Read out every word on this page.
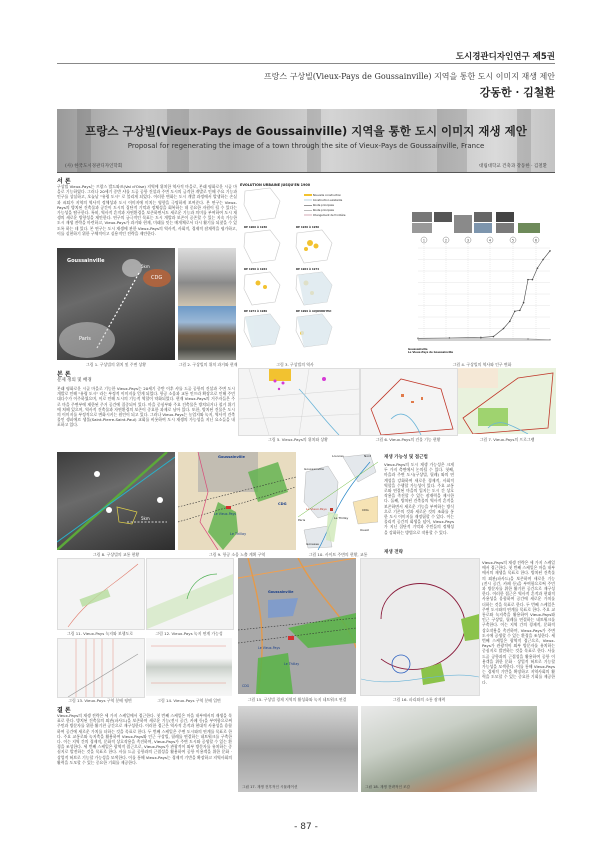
도시경관디자인연구 제5권
프랑스 구상빌(Vieux-Pays de Goussainville) 지역을 통한 도시 이미지 재생 제안
강동한 · 김철환
프랑스 구상빌(Vieux-Pays de Goussainville) 지역을 통한 도시 이미지 재생 제안
Proposal for regenerating the image of a town through the site of Vieux-Pays de Goussainville, France
(사) 한국도시경관디자인학회	대림대학교 건축과 강동한 · 김철환
서 론
구상빌 Vieux-Pays는 프랑스 발드와즈(Val d'Oise) 지역에 위치한 역사적 마을로, 본래 평화로운 시골 마을로 기능하였다. 그러나 20세기 중반 샤를 드골 공항 건설과 주변 도시의 급격한 개발로 인해 주요 기능과 인구를 상실하고, 오늘날 "유령 도시" 로 불리게 되었다. 이러한 변화는 도시 개발 과정에서 발생하는 손실과 쇠퇴가 지역의 역사적 정체성과 도시 이미지에 미치는 영향을 극명하게 보여준다. 본 연구는 Vieux-Pays의 방치된 건축물과 공간이 도시의 집단적 기억과 정체성을 회복하는 데 중요한 자원이 될 수 있다는 가능성을 탐구한다. 특히, 역사적 흔적과 자연환경을 보존하면서도 새로운 기능과 의미를 부여하여 도시 재생의 새로운 방향성을 제안한다. 연구의 궁극적인 목표는 도시 개발과 보존이 공존할 수 있는 지속 가능한 도시 재생 전략을 마련하고, Vieux-Pays가 과거와 현재, 미래를 잇는 매개체로서 다시 활기를 되찾을 수 있도록 하는 데 있다. 본 연구는 도시 재생에 관한 Vieux-Pays의 역사적, 사회적, 경제적 잠재력을 평가하고, 이를 실현하기 위한 구체적이고 실용적인 전략을 제안한다.
Goussainville
CDG
Paris
5km
그림 1. 구상빌의 위치 및 주변 상황	그림 2. 구상빌의 위치 과거와 현재
EVOLUTION URBAINE JUSQU'EN 1900
Nouvelle construction
Construction existante
Route principale
Route principale
Changement de frontière
DE 1900 À 1930	DE 1930 À 1950
DE 1950 À 1964	DE 1964 À 1974
DE 1974 À 1989	DE 1999 À AUJOURD'HUI
그림 3. 구상빌의 역사
1	2	3	4	5	6
Goussainville
Le Vieux-Pays de Goussainville
그림 4. 구상빌의 역사와 인구 변화
본 론
문제 정의 및 배경
본래 평화로운 시골 마을로 기능한 Vieux-Pays는 20세기 중반 이후 샤를 드골 공항의 건설과 주변 도시 개발로 인해 "유령 도시" 라는 부정적 이미지를 얻게 되었다. 항공 소음과 교통 인프라 확장으로 인해 주민 대다수가 이주하였으며, 이로 인해 도시의 기능적 역할이 약화되었다. 현재 Vieux-Pays의 거주자들은 주로 마을 주변부에 제한된 주거 공간에 집중되어 있다. 마을 중심부와 주요 건축물은 방치되거나 철거 위기에 처해 있으며, 역사적 건축물과 자연환경의 보존이 중요한 과제로 남아 있다. 또한, 방치된 건물은 도시의 이미지를 부정적으로 변화시키는 원인이 되고 있다. 그러나 Vieux-Pays는 농업지와 녹지, 역사적 건축물인 생피에르 생폴(Saint-Pierre-Saint-Paul) 교회를 비롯하여 도시 재생의 가능성을 지닌 요소들을 내포하고 있다.
그림 5. Vieux-Pays의 위치와 상황	그림 6. Vieux-Pays의 건물 기능 현황	그림 7. Vieux-Pays의 프로그램
5km
그림 8. 구상빌의 교통 현황
Goussainville
Le Vieux-Pays
CDG
Le Thillay
그림 9. 항공 소음 노출 계획 구역
Louvres	Nord
Goussainville
Le Vieux-Pays
Le Thillay
CDG
Ouest
Paris
Gonesse
그림 10. 사이트 주변의 현황, 교통
재생 가능성 및 접근법
Vieux-Pays의 도시 재생 가능성은 크게 두 가지 측면에서 논의될 수 있다. 첫째, 마을과 주변 도시(구상빌, 릴레) 와의 연계성을 강화하여 새로운 경제적, 사회적 역할을 수행할 가능성이 있다. 주요 교통로와 연결된 마을의 입지는 도시 간 상호작용을 촉진할 수 있는 잠재력을 제시한다. 둘째, 방치된 건축물의 역사적 흔적을 보존하면서 새로운 기능을 부여하는 방식으로 기존의 것과 새로운 것의 조화를 통한 도시 이미지를 재정립할 수 있다. 이는 물리적 공간의 회생을 넘어, Vieux-Pays가 지닌 집단적 기억과 주민들의 정체성을 강화하는 방법으로 작용할 수 있다.
재생 전략
Vieux-Pays의 재생 전략은 세 가지 스케일에서 접근한다. 첫 번째 스케일은 마을 내부에서의 재생을 목표로 한다. 방치된 건축물의 외관(파사드)을 보존하며 새로운 기능(전시 공간, 카페 등)을 부여함으로써 주민과 방문자를 위한 활기찬 공간으로 재구성한다. 이러한 접근은 역사적 흔적과 현대적 사용성을 융합하여 공간에 새로운 가치를 더하는 것을 목표로 한다. 두 번째 스케일은 주변 도시와의 연계를 목표로 한다. 주요 교통로와 녹지축을 활용하여 Vieux-Pays와 인근 구상빌, 릴레를 연결하는 네트워크를 구축한다. 이는 지역 간의 경제적, 문화적 상호작용을 촉진하며, Vieux-Pays가 주변 도시에 공생할 수 있는 환경을 조성한다. 세 번째 스케일은 광역적 접근으로, Vieux-Pays가 관광적이 외부 방문자를 유치하는 중심지로 발전하는 것을 목표로 한다. 사를 드골 공항과의 근접성을 활용하여 공항 이용객을 위한 문화 · 상업적 허브로 기능할 가능성을 모색한다. 이를 통해 Vieux-Pays는 경제적 기반을 확장하고 지역사회의 활력을 도모할 수 있는 중요한 기회를 제공한다.
그림 11. Vieux-Pays 녹지와 보행도로	그림 12. Vieux-Pays 녹지 연계 가능성
그림 13. Vieux-Pays 구역 분배 평면	그림 14. Vieux-Pays 구역 분배 입면
Goussainville
Le Vieux-Pays
Le Thillay
CDG
그림 15. 구상빌 경제 지역의 활성화와 녹지 네트워크 연결	그림 16. 파리와의 소통 잠재력
결 론
Vieux-Pays의 재생 전략은 세 가지 스케일에서 접근한다. 첫 번째 스케일은 마을 내부에서의 재생을 목표로 한다. 방치된 건축물의 외관(파사드)을 보존하며 새로운 기능(전시 공간, 카페 등)을 부여함으로써 주민과 방문자를 위한 활기찬 공간으로 재구성한다. 이러한 접근은 역사적 흔적과 현대적 사용성을 융합하여 공간에 새로운 가치를 더하는 것을 목표로 한다. 두 번째 스케일은 주변 도시와의 연계를 목표로 한다. 주요 교통로와 녹지축을 활용하여 Vieux-Pays와 인근 구상빌, 릴레를 연결하는 네트워크를 구축한다. 이는 지역 간의 경제적, 문화적 상호작용을 촉진하며, Vieux-Pays가 주변 도시와 공생할 수 있는 환경을 조성한다. 세 번째 스케일은 광역적 접근으로, Vieux-Pays가 관광적이 외부 방문자를 유치하는 중심지로 발전하는 것을 목표로 한다. 사를 드골 공항과의 근접성을 활용하여 공항 이용객을 위한 문화 · 상업적 허브로 기능할 가능성을 모색한다. 이를 통해 Vieux-Pays는 경제적 기반을 확장하고 지역사회의 활력을 도모할 수 있는 중요한 기회를 제공한다.
그림 17. 재생 전후적인 시뮬레이션	그림 18. 재생 전략적인 조감
- 87 -
